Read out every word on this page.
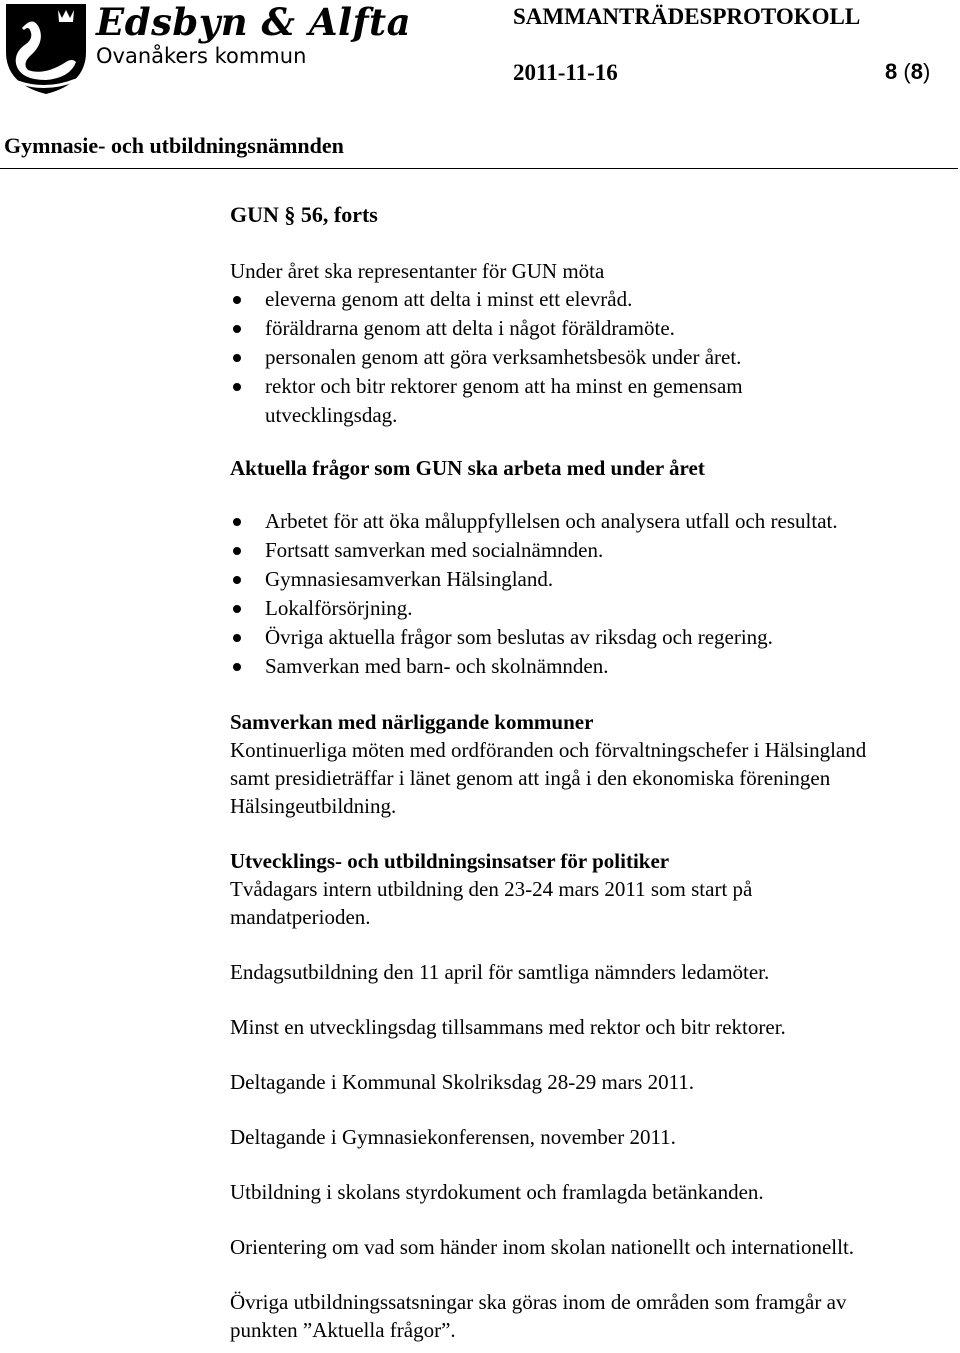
Edsbyn & Alfta
Ovanåkers kommun
SAMMANTRÄDESPROTOKOLL
2011-11-16	8 (8)
Gymnasie- och utbildningsnämnden

GUN § 56, forts

Under året ska representanter för GUN möta

eleverna genom att delta i minst ett elevråd.
föräldrarna genom att delta i något föräldramöte.
personalen genom att göra verksamhetsbesök under året.
rektor och bitr rektorer genom att ha minst en gemensam
utvecklingsdag.

Aktuella frågor som GUN ska arbeta med under året

Arbetet för att öka måluppfyllelsen och analysera utfall och resultat.
Fortsatt samverkan med socialnämnden.
Gymnasiesamverkan Hälsingland.
Lokalförsörjning.
Övriga aktuella frågor som beslutas av riksdag och regering.
Samverkan med barn- och skolnämnden.

Samverkan med närliggande kommuner

Kontinuerliga möten med ordföranden och förvaltningschefer i Hälsingland

samt presidieträffar i länet genom att ingå i den ekonomiska föreningen

Hälsingeutbildning.

Utvecklings- och utbildningsinsatser för politiker

Tvådagars intern utbildning den 23-24 mars 2011 som start på

mandatperioden.

Endagsutbildning den 11 april för samtliga nämnders ledamöter.

Minst en utvecklingsdag tillsammans med rektor och bitr rektorer.

Deltagande i Kommunal Skolriksdag 28-29 mars 2011.

Deltagande i Gymnasiekonferensen, november 2011.

Utbildning i skolans styrdokument och framlagda betänkanden.

Orientering om vad som händer inom skolan nationellt och internationellt.

Övriga utbildningssatsningar ska göras inom de områden som framgår av

punkten ”Aktuella frågor”.
